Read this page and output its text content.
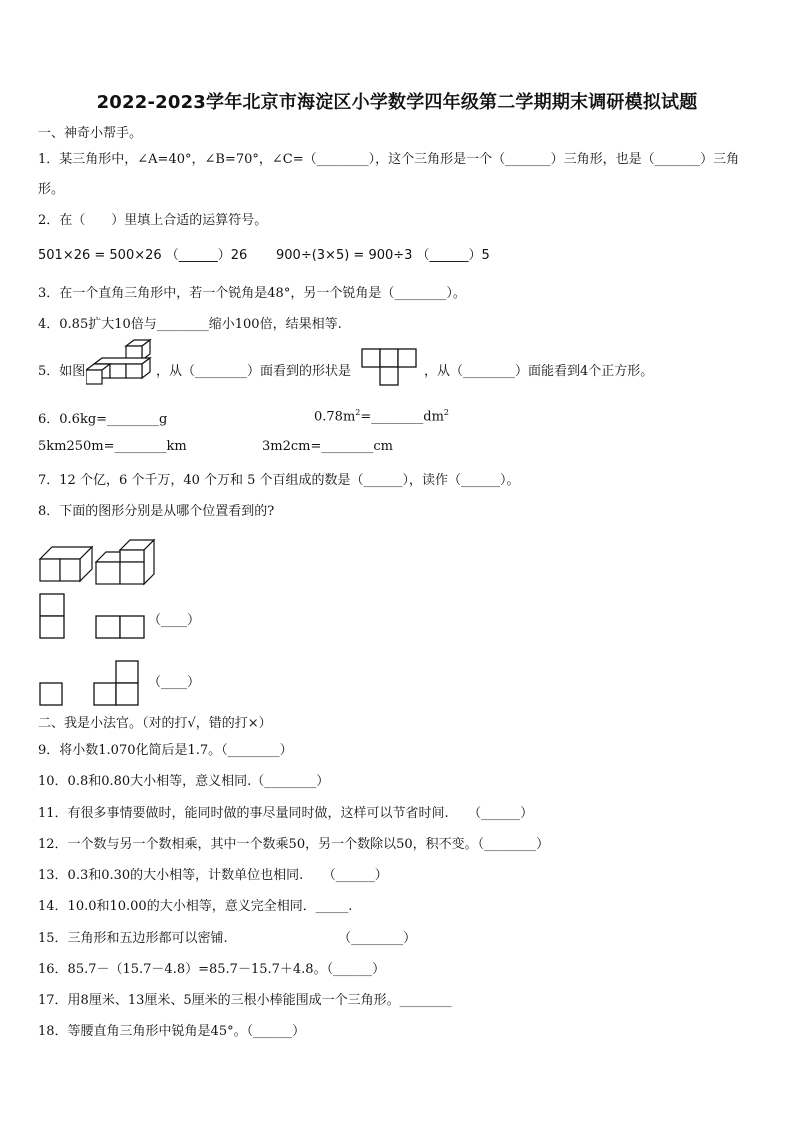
2022-2023学年北京市海淀区小学数学四年级第二学期期末调研模拟试题
一、神奇小帮手。
1．某三角形中，∠A=40°，∠B=70°，∠C=（________），这个三角形是一个（_______）三角形，也是（_______）三角
形。
2．在（　　）里填上合适的运算符号。
501×26 = 500×26 （______）26 900÷(3×5) = 900÷3 （______）5
3．在一个直角三角形中，若一个锐角是48°，另一个锐角是（________）。
4．0.85扩大10倍与________缩小100倍，结果相等.
5．如图	，从（________）面看到的形状是	，从（________）面能看到4个正方形。
6．0.6kg=________g	$0.78m^2=\_\_\_\_\_\_\_\_dm^2$
5km250m=________km	3m2cm=________cm
7．12 个亿，6 个千万，40 个万和 5 个百组成的数是（______），读作（______）。
8．下面的图形分别是从哪个位置看到的?
（____）
（____）
二、我是小法官。（对的打√，错的打×）
9．将小数1.070化简后是1.7。（________）
10．0.8和0.80大小相等，意义相同.（________）
11．有很多事情要做时，能同时做的事尽量同时做，这样可以节省时间.　　（______）
12．一个数与另一个数相乘，其中一个数乘50，另一个数除以50，积不变。（________）
13．0.3和0.30的大小相等，计数单位也相同.　　（______）
14．10.0和10.00的大小相等，意义完全相同．_____.
15．三角形和五边形都可以密铺.　　　　　　　　　（________）
16．85.7－（15.7－4.8）=85.7－15.7＋4.8。（______）
17．用8厘米、13厘米、5厘米的三根小棒能围成一个三角形。________
18．等腰直角三角形中锐角是45°。（______）
